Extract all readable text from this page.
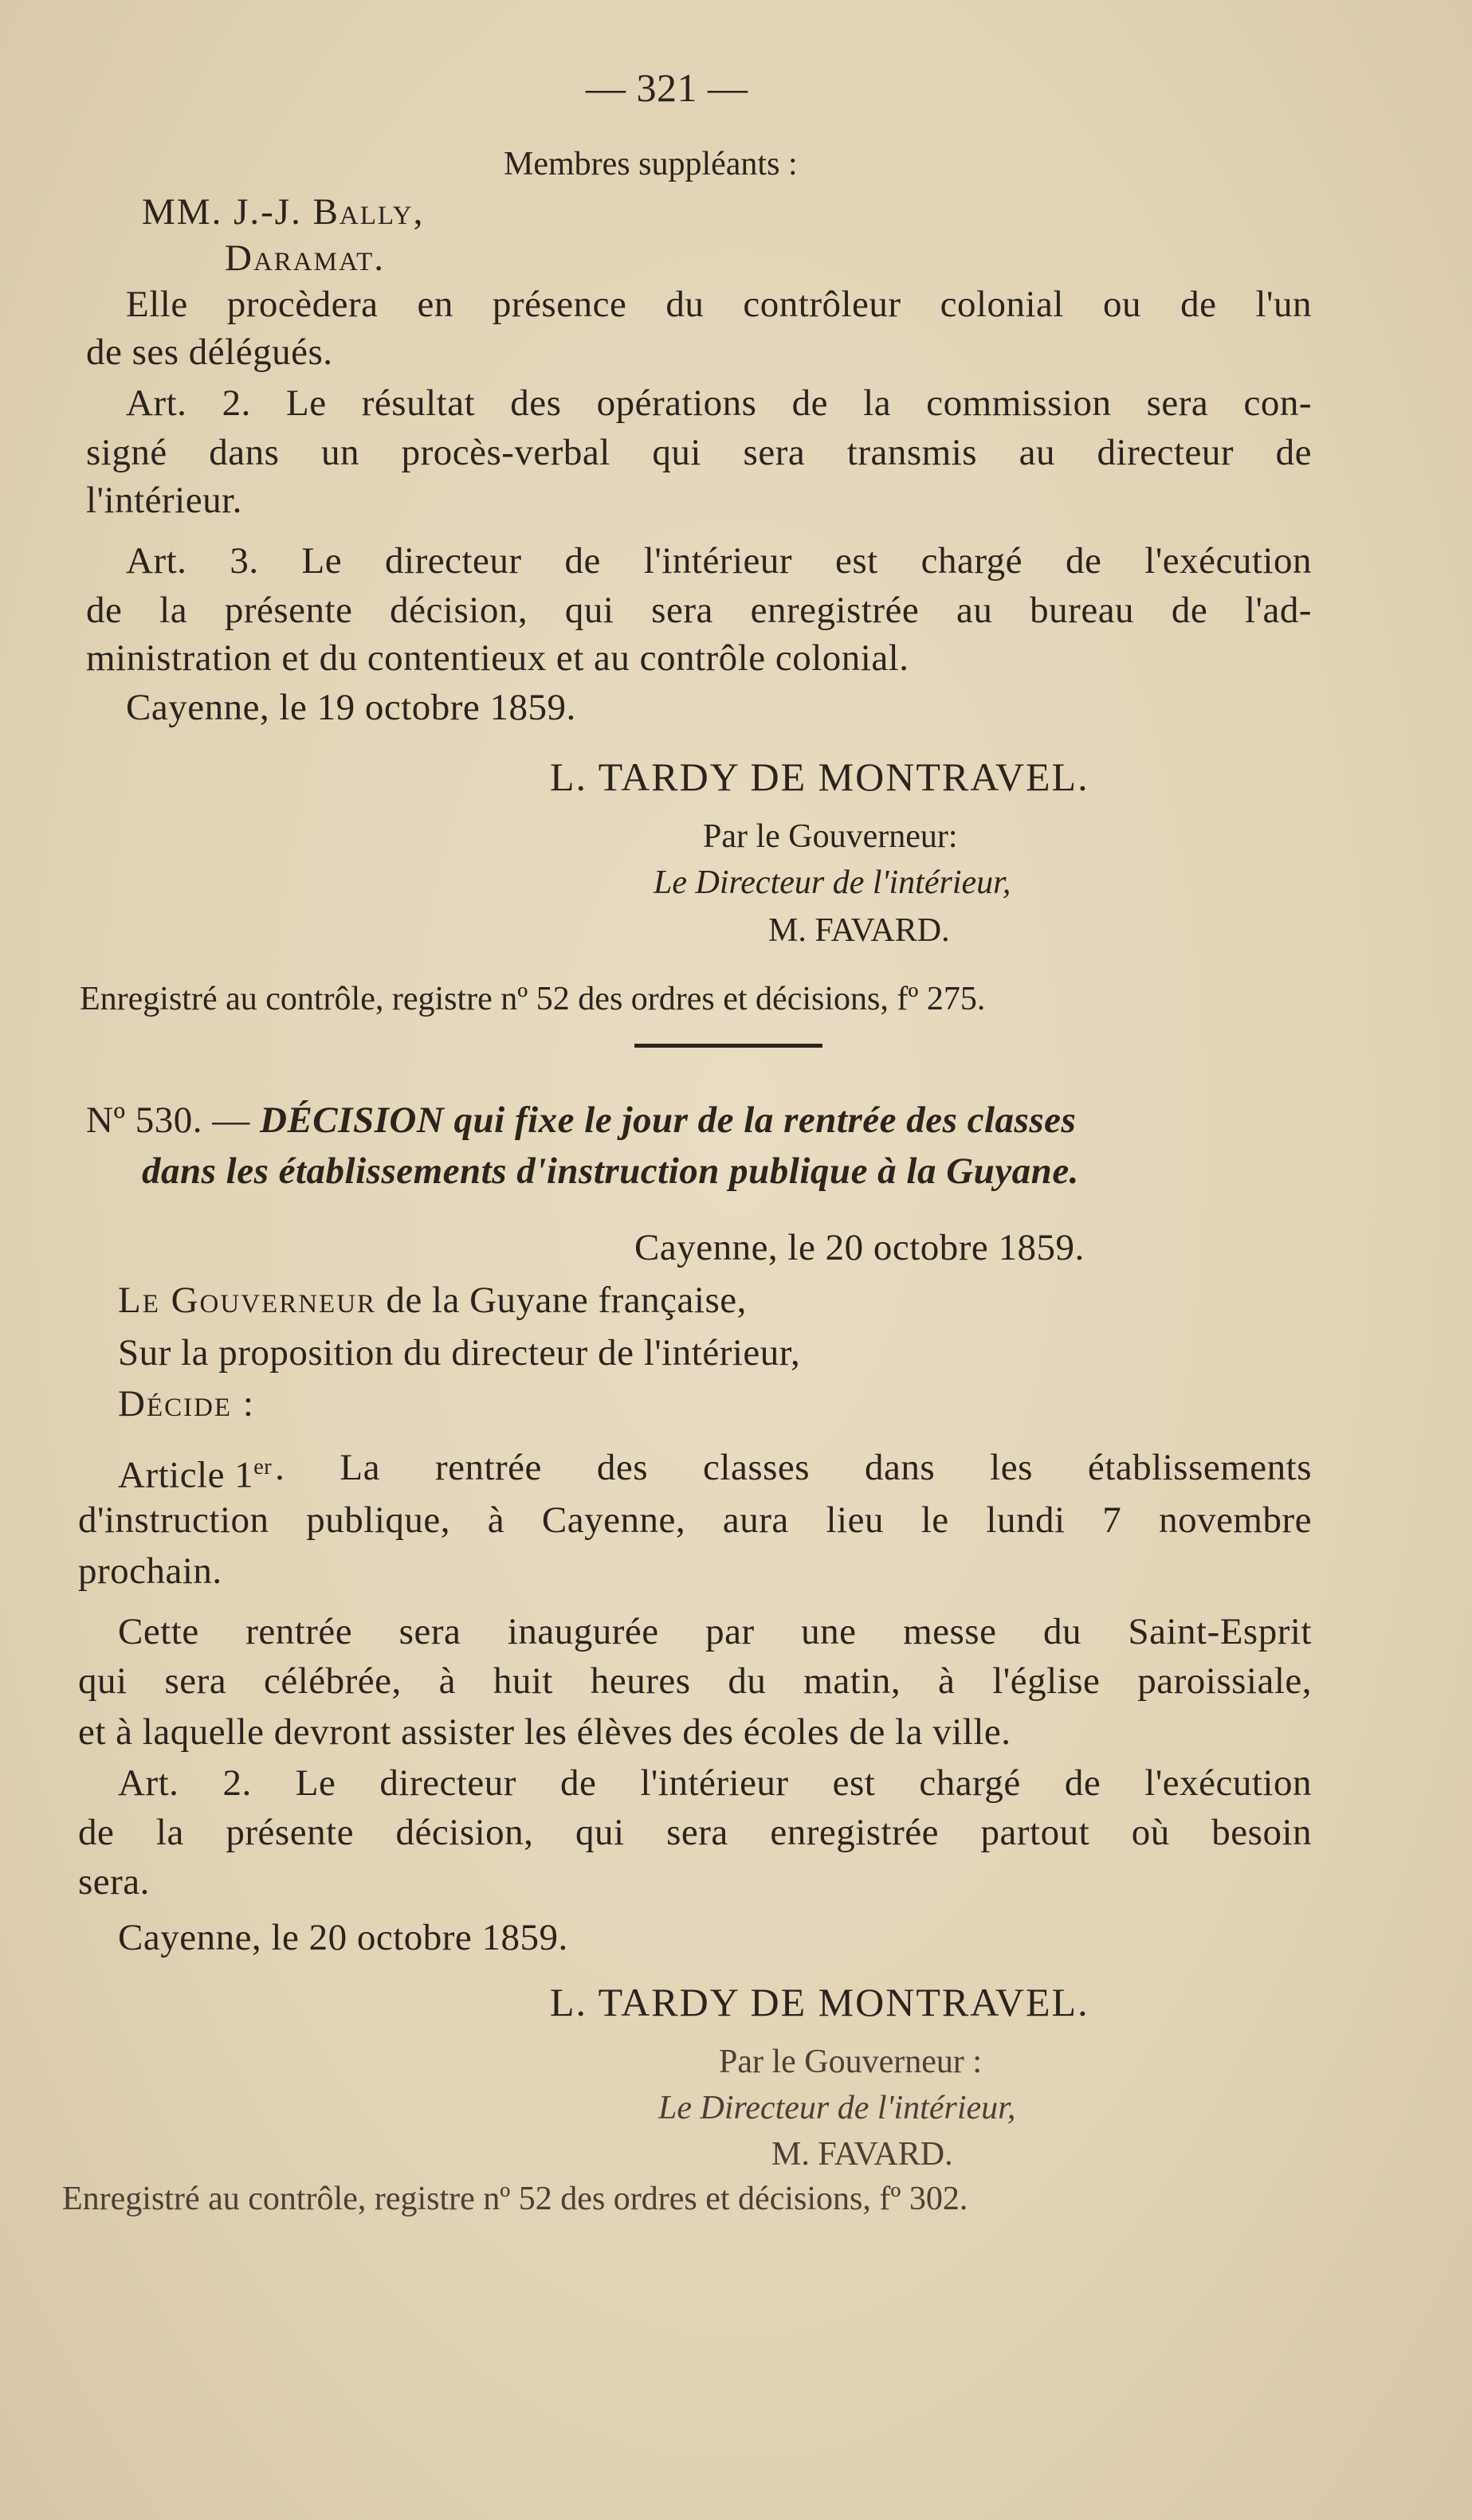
— 321 —
Membres suppléants :
MM. J.-J. Bally,
Daramat.
Elle procèdera en présence du contrôleur colonial ou de l'un
de ses délégués.
Art. 2. Le résultat des opérations de la commission sera con-
signé dans un procès-verbal qui sera transmis au directeur de
l'intérieur.
Art. 3. Le directeur de l'intérieur est chargé de l'exécution
de la présente décision, qui sera enregistrée au bureau de l'ad-
ministration et du contentieux et au contrôle colonial.
Cayenne, le 19 octobre 1859.
L. TARDY DE MONTRAVEL.
Par le Gouverneur:
Le Directeur de l'intérieur,
M. FAVARD.
Enregistré au contrôle, registre nº 52 des ordres et décisions, fº 275.
Nº 530. — DÉCISION qui fixe le jour de la rentrée des classes
dans les établissements d'instruction publique à la Guyane.
Cayenne, le 20 octobre 1859.
Le Gouverneur de la Guyane française,
Sur la proposition du directeur de l'intérieur,
Décide :
Article 1er . La rentrée des classes dans les établissements
d'instruction publique, à Cayenne, aura lieu le lundi 7 novembre
prochain.
Cette rentrée sera inaugurée par une messe du Saint-Esprit
qui sera célébrée, à huit heures du matin, à l'église paroissiale,
et à laquelle devront assister les élèves des écoles de la ville.
Art. 2. Le directeur de l'intérieur est chargé de l'exécution
de la présente décision, qui sera enregistrée partout où besoin
sera.
Cayenne, le 20 octobre 1859.
L. TARDY DE MONTRAVEL.
Par le Gouverneur :
Le Directeur de l'intérieur,
M. FAVARD.
Enregistré au contrôle, registre nº 52 des ordres et décisions, fº 302.
